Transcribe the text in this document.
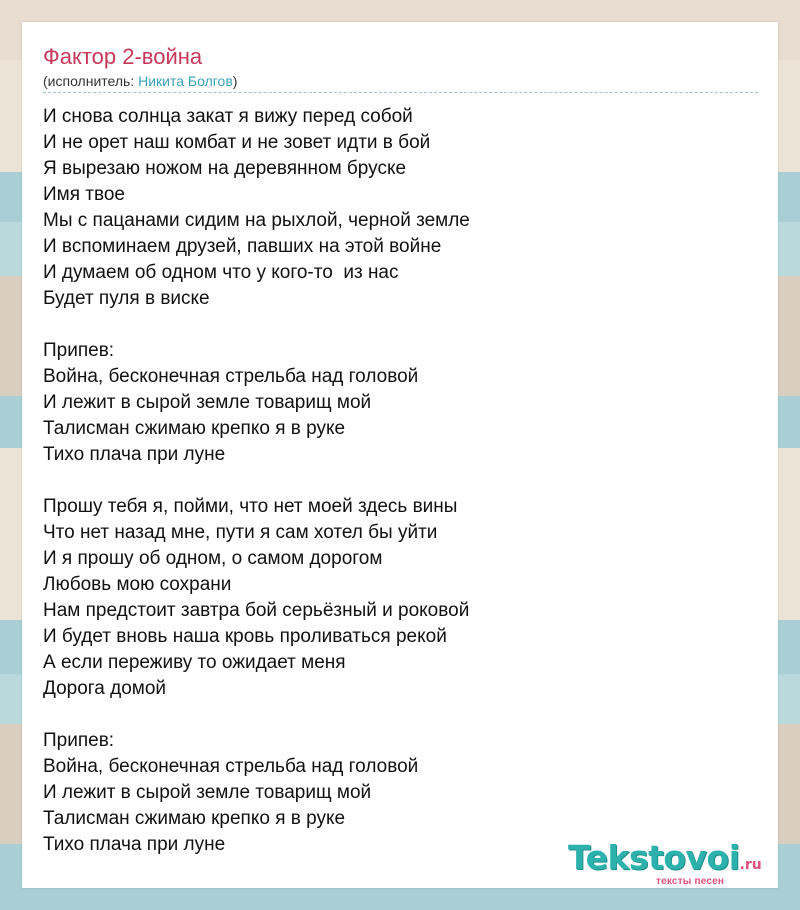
Фактор 2-война
(исполнитель: Никита Болгов)
И снова солнца закат я вижу перед собой
И не орет наш комбат и не зовет идти в бой
Я вырезаю ножом на деревянном бруске
Имя твое
Мы с пацанами сидим на рыхлой, черной земле
И вспоминаем друзей, павших на этой войне
И думаем об одном что у кого-то  из нас
Будет пуля в виске
Припев:
Война, бесконечная стрельба над головой
И лежит в сырой земле товарищ мой
Талисман сжимаю крепко я в руке
Тихо плача при луне
Прошу тебя я, пойми, что нет моей здесь вины
Что нет назад мне, пути я сам хотел бы уйти
И я прошу об одном, о самом дорогом
Любовь мою сохрани
Нам предстоит завтра бой серьёзный и роковой
И будет вновь наша кровь проливаться рекой
А если переживу то ожидает меня
Дорога домой
Припев:
Война, бесконечная стрельба над головой
И лежит в сырой земле товарищ мой
Талисман сжимаю крепко я в руке
Тихо плача при луне	Tekstovoi.ru
тексты песен
